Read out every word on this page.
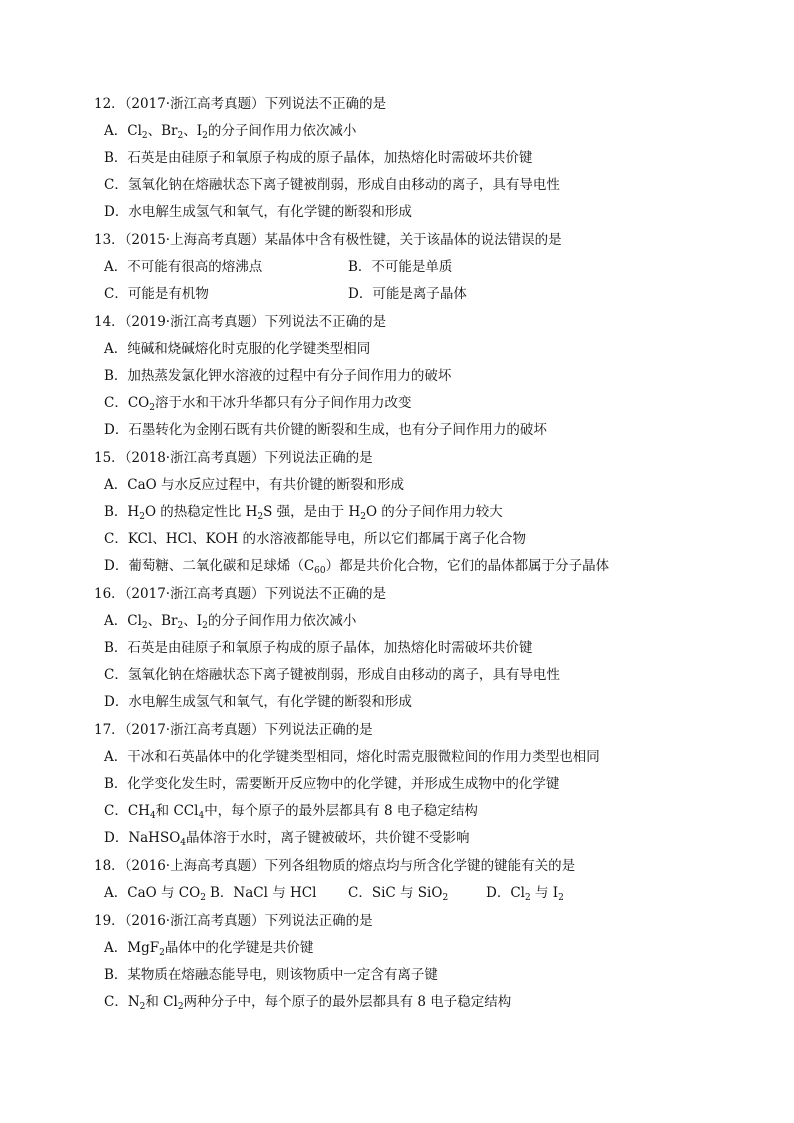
12．（2017·浙江高考真题）下列说法不正确的是
A．$Cl_2$、$Br_2$、$I_2$的分子间作用力依次减小
B．石英是由硅原子和氧原子构成的原子晶体，加热熔化时需破坏共价键
C．氢氧化钠在熔融状态下离子键被削弱，形成自由移动的离子，具有导电性
D．水电解生成氢气和氧气，有化学键的断裂和形成
13．（2015·上海高考真题）某晶体中含有极性键，关于该晶体的说法错误的是
A．不可能有很高的熔沸点	B．不可能是单质
C．可能是有机物	D．可能是离子晶体
14．（2019·浙江高考真题）下列说法不正确的是
A．纯碱和烧碱熔化时克服的化学键类型相同
B．加热蒸发氯化钾水溶液的过程中有分子间作用力的破坏
C．$CO_2$溶于水和干冰升华都只有分子间作用力改变
D．石墨转化为金刚石既有共价键的断裂和生成，也有分子间作用力的破坏
15．（2018·浙江高考真题）下列说法正确的是
A．CaO 与水反应过程中，有共价键的断裂和形成
B．$H_2O$ 的热稳定性比 $H_2S$ 强，是由于 $H_2O$ 的分子间作用力较大
C．KCl、HCl、KOH 的水溶液都能导电，所以它们都属于离子化合物
D．葡萄糖、二氧化碳和足球烯$(C_{60})$都是共价化合物，它们的晶体都属于分子晶体
16．（2017·浙江高考真题）下列说法不正确的是
A．$Cl_2$、$Br_2$、$I_2$的分子间作用力依次减小
B．石英是由硅原子和氧原子构成的原子晶体，加热熔化时需破坏共价键
C．氢氧化钠在熔融状态下离子键被削弱，形成自由移动的离子，具有导电性
D．水电解生成氢气和氧气，有化学键的断裂和形成
17．（2017·浙江高考真题）下列说法正确的是
A．干冰和石英晶体中的化学键类型相同，熔化时需克服微粒间的作用力类型也相同
B．化学变化发生时，需要断开反应物中的化学键，并形成生成物中的化学键
C．$CH_4$和 CCl$_4$中，每个原子的最外层都具有 8 电子稳定结构
D．NaHSO$_4$晶体溶于水时，离子键被破坏，共价键不受影响
18．（2016·上海高考真题）下列各组物质的熔点均与所含化学键的键能有关的是
A．CaO 与 $CO_2$ B．NaCl 与 HCl C．SiC 与 SiO$_2$	D．$Cl_2$ 与 $I_2$
19．（2016·浙江高考真题）下列说法正确的是
A．MgF$_2$晶体中的化学键是共价键
B．某物质在熔融态能导电，则该物质中一定含有离子键
C．$N_2$和 $Cl_2$两种分子中，每个原子的最外层都具有 8 电子稳定结构
